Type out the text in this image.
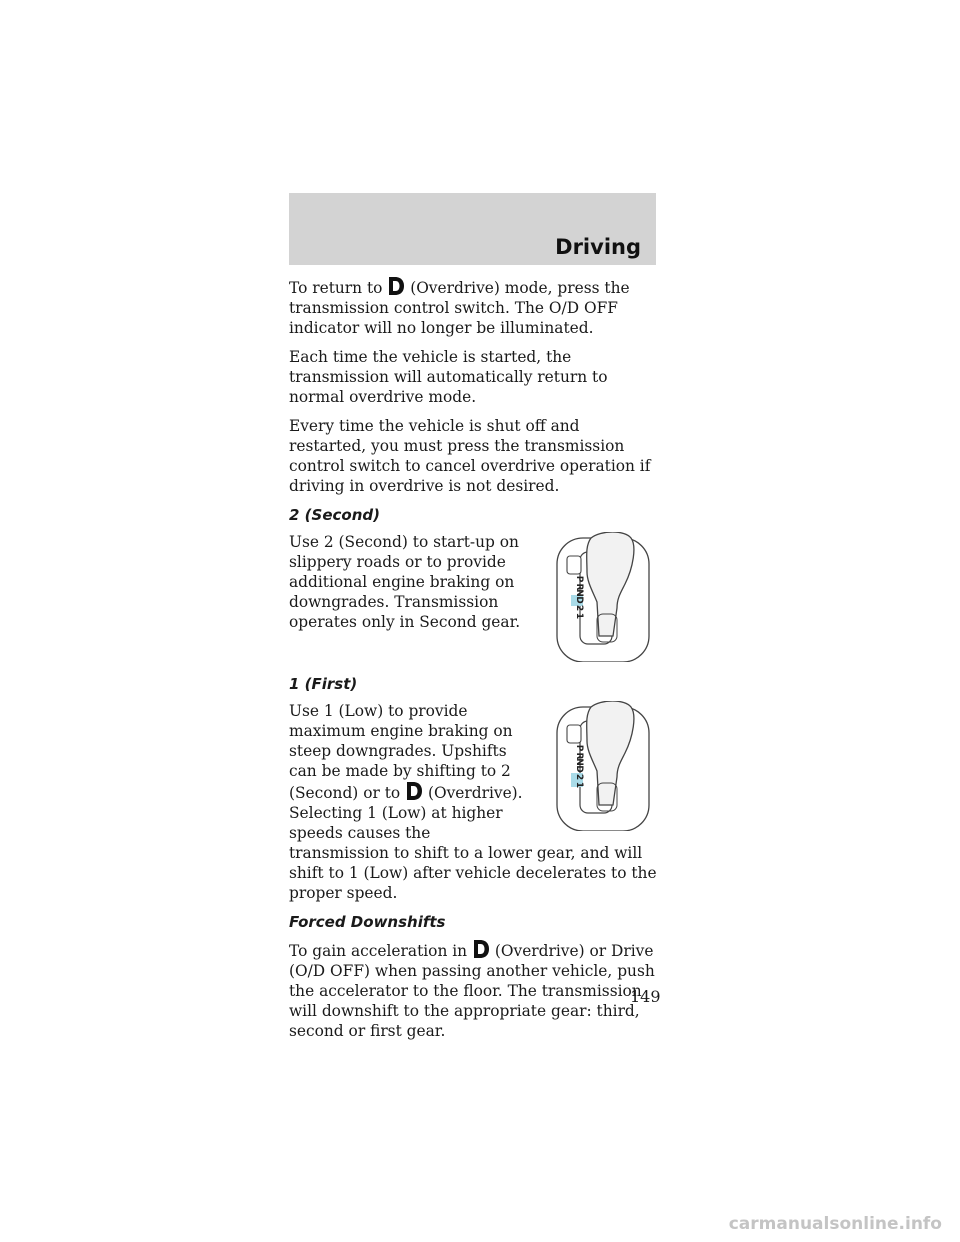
Driving

To return to
(Overdrive) mode, press the transmission control switch. The O/D OFF indicator will no longer be illuminated.

Each time the vehicle is started, the transmission will automatically return to normal overdrive mode.

Every time the vehicle is shut off and restarted, you must press the transmission control switch to cancel overdrive operation if driving in overdrive is not desired.

2 (Second)
P
R
N
D
2
1

Use 2 (Second) to start-up on slippery roads or to provide additional engine braking on downgrades. Transmission operates only in Second gear.

1 (First)
P
R
N
D
2
1

Use 1 (Low) to provide maximum engine braking on steep downgrades. Upshifts can be made by shifting to 2 (Second) or to
(Overdrive). Selecting 1 (Low) at higher speeds causes the transmission to shift to a lower gear, and will shift to 1 (Low) after vehicle decelerates to the proper speed.

Forced Downshifts

To gain acceleration in
(Overdrive) or Drive (O/D OFF) when passing another vehicle, push the accelerator to the floor. The transmission will downshift to the appropriate gear: third, second or first gear.

149
carmanualsonline.info
